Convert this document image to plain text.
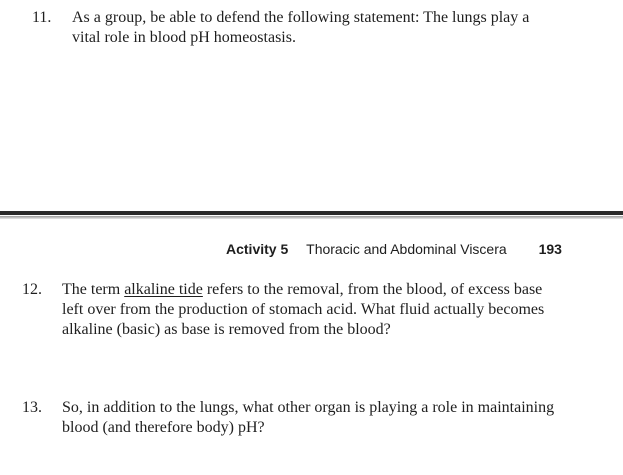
11. As a group, be able to defend the following statement: The lungs play a
vital role in blood pH homeostasis.
Activity 5 Thoracic and Abdominal Viscera 193
12. The term alkaline tide refers to the removal, from the blood, of excess base
left over from the production of stomach acid. What fluid actually becomes
alkaline (basic) as base is removed from the blood?
13. So, in addition to the lungs, what other organ is playing a role in maintaining
blood (and therefore body) pH?
